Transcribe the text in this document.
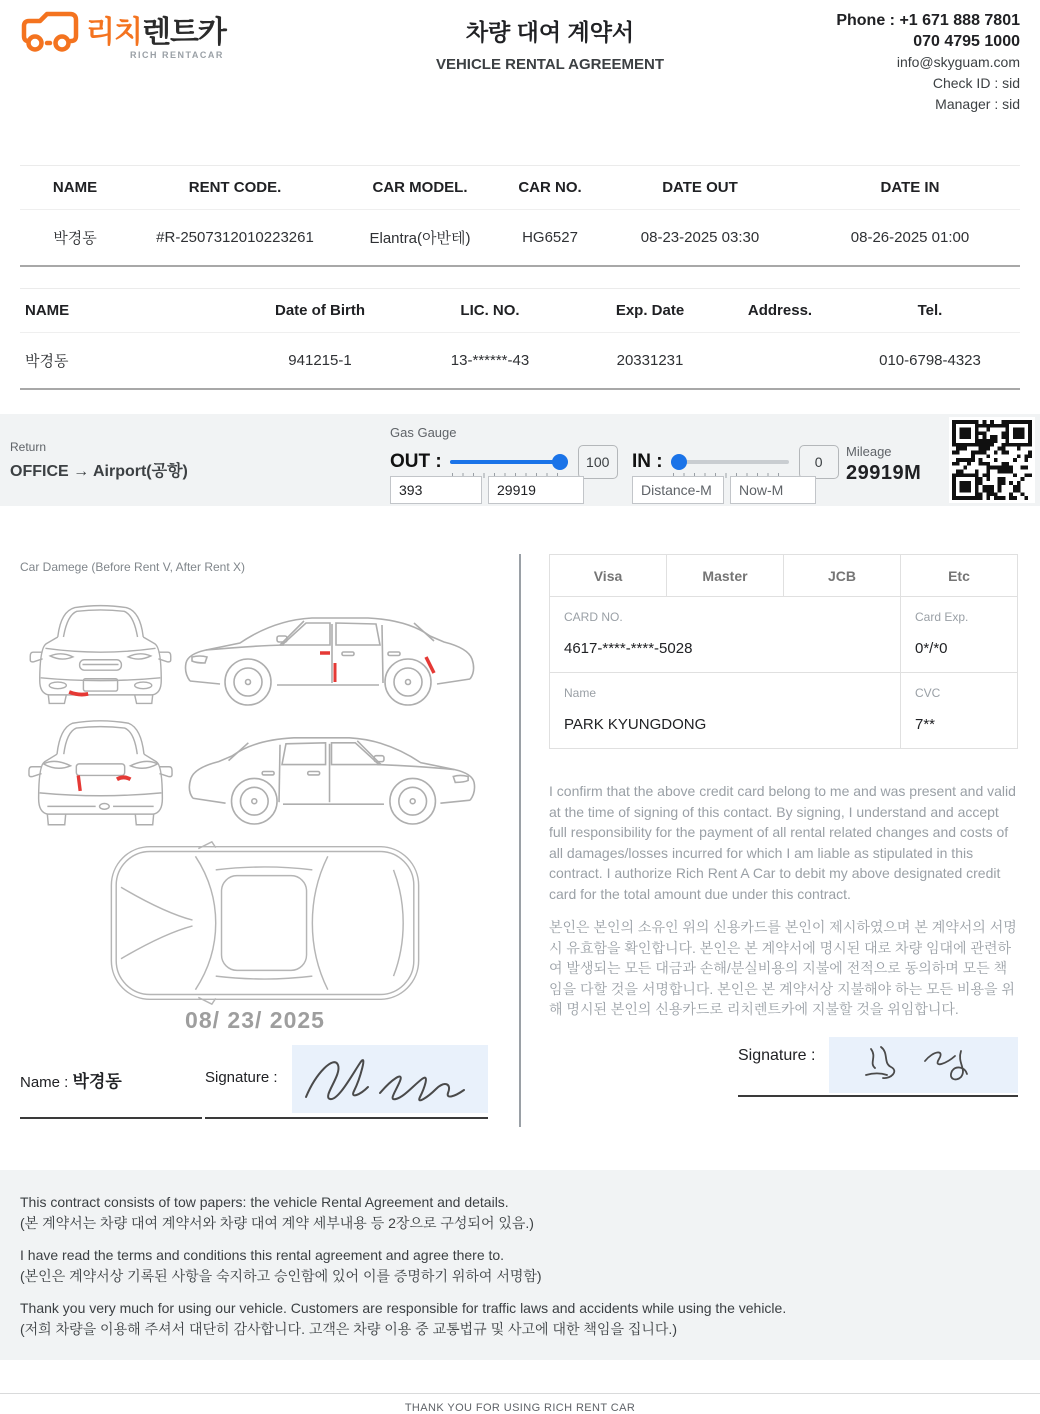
리치렌트카
RICH RENTACAR
차량 대여 계약서
VEHICLE RENTAL AGREEMENT
Phone : +1 671 888 7801
070 4795 1000
info@skyguam.com
Check ID : sid
Manager : sid
NAME	RENT CODE.	CAR MODEL.	CAR NO.	DATE OUT	DATE IN
박경동	#R-2507312010223261	Elantra(아반테)	HG6527	08-23-2025 03:30	08-26-2025 01:00
NAME	Date of Birth	LIC. NO.	Exp. Date	Address.	Tel.
박경동	941215-1	13-******-43	20331231		010-6798-4323
Return
OFFICE → Airport(공항)
Gas Gauge
OUT :	100
393
29919	IN :	0
Distance-M
Now-M
Mileage
29919M
Car Damege (Before Rent V, After Rent X)
08/ 23/ 2025
Name : 박경동	Signature :
Visa	Master	JCB	Etc

CARD NO.
4617-****-****-5028

Card Exp.
0*/*0

Name
PARK KYUNGDONG

CVC
7**
I confirm that the above credit card belong to me and was present and valid at the time of signing of this contact. By signing, I understand and accept full responsibility for the payment of all rental related changes and costs of all damages/losses incurred for which I am liable as stipulated in this contract. I authorize Rich Rent A Car to debit my above designated credit card for the total amount due under this contract.
본인은 본인의 소유인 위의 신용카드를 본인이 제시하였으며 본 계약서의 서명시 유효함을 확인합니다. 본인은 본 계약서에 명시된 대로 차량 임대에 관련하여 발생되는 모든 대금과 손해/분실비용의 지불에 전적으로 동의하며 모든 책임을 다할 것을 서명합니다. 본인은 본 계약서상 지불해야 하는 모든 비용을 위해 명시된 본인의 신용카드로 리치렌트카에 지불할 것을 위임합니다.
Signature :
This contract consists of tow papers: the vehicle Rental Agreement and details.
(본 계약서는 차량 대여 계약서와 차량 대여 계약 세부내용 등 2장으로 구성되어 있음.)
I have read the terms and conditions this rental agreement and agree there to.
(본인은 계약서상 기록된 사항을 숙지하고 승인함에 있어 이를 증명하기 위하여 서명함)
Thank you very much for using our vehicle. Customers are responsible for traffic laws and accidents while using the vehicle.
(저희 차량을 이용해 주셔서 대단히 감사합니다. 고객은 차량 이용 중 교통법규 및 사고에 대한 책임을 집니다.)
THANK YOU FOR USING RICH RENT CAR
